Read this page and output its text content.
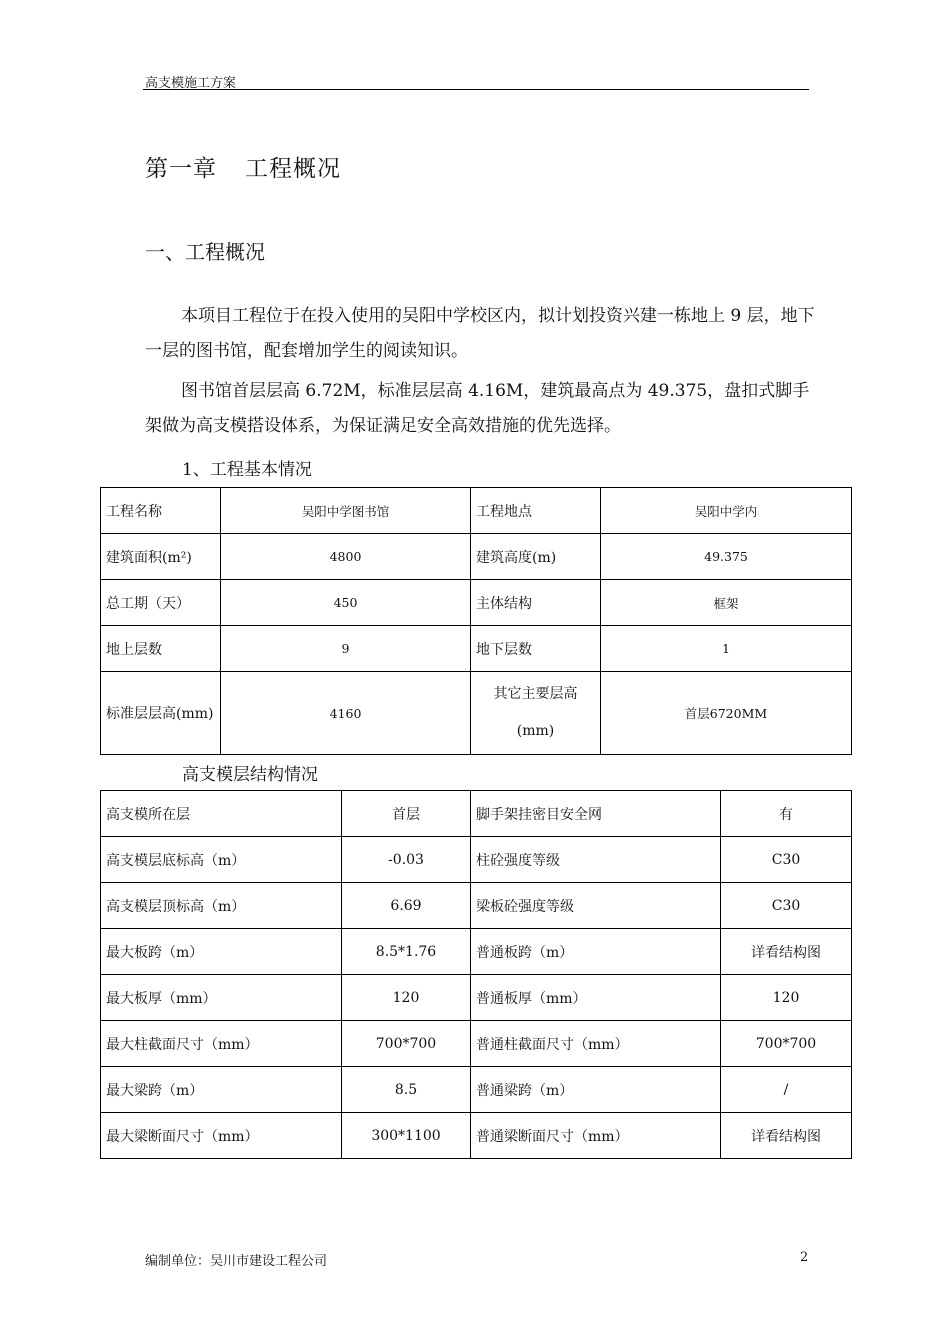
高支模施工方案
第一章 工程概况
一、工程概况

本项目工程位于在投入使用的吴阳中学校区内，拟计划投资兴建一栋地上 9 层，地下一层的图书馆，配套增加学生的阅读知识。

图书馆首层层高 6.72M，标准层层高 4.16M，建筑最高点为 49.375，盘扣式脚手架做为高支模搭设体系，为保证满足安全高效措施的优先选择。

1、工程基本情况
工程名称	吴阳中学图书馆	工程地点	吴阳中学内
建筑面积(m²)	4800	建筑高度(m)	49.375
总工期（天）	450	主体结构	框架
地上层数	9	地下层数	1
标准层层高(mm)	4160	其它主要层高(mm)	首层6720MM
高支模层结构情况
高支模所在层	首层	脚手架挂密目安全网	有
高支模层底标高（m）	-0.03	柱砼强度等级	C30
高支模层顶标高（m）	6.69	梁板砼强度等级	C30
最大板跨（m）	8.5*1.76	普通板跨（m）	详看结构图
最大板厚（mm）	120	普通板厚（mm）	120
最大柱截面尺寸（mm）	700*700	普通柱截面尺寸（mm）	700*700
最大梁跨（m）	8.5	普通梁跨（m）	/
最大梁断面尺寸（mm）	300*1100	普通梁断面尺寸（mm）	详看结构图
编制单位：吴川市建设工程公司	2
